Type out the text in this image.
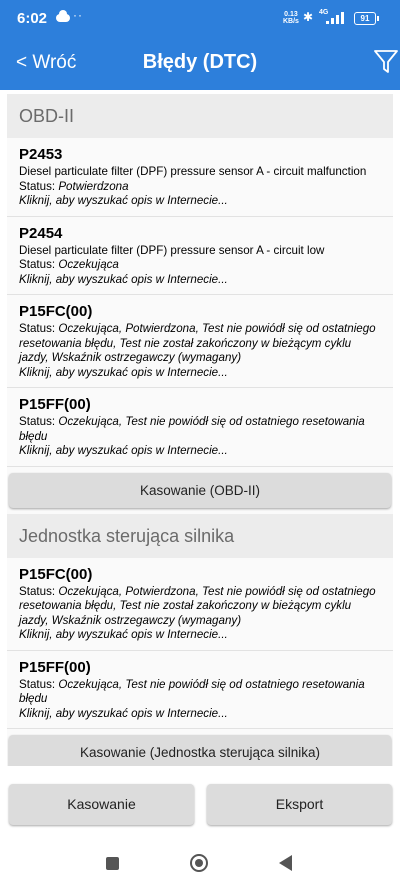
6:02 ··	0.13
KB/s ✱ 4G
91
< Wróć	Błędy (DTC)
OBD-II
P2453
Diesel particulate filter (DPF) pressure sensor A - circuit malfunction
Status: Potwierdzona
Kliknij, aby wyszukać opis w Internecie...
P2454
Diesel particulate filter (DPF) pressure sensor A - circuit low
Status: Oczekująca
Kliknij, aby wyszukać opis w Internecie...
P15FC(00)
Status: Oczekująca, Potwierdzona, Test nie powiódł się od ostatniego resetowania błędu, Test nie został zakończony w bieżącym cyklu jazdy, Wskaźnik ostrzegawczy (wymagany)
Kliknij, aby wyszukać opis w Internecie...
P15FF(00)
Status: Oczekująca, Test nie powiódł się od ostatniego resetowania błędu
Kliknij, aby wyszukać opis w Internecie...
Kasowanie (OBD-II)
Jednostka sterująca silnika
P15FC(00)
Status: Oczekująca, Potwierdzona, Test nie powiódł się od ostatniego resetowania błędu, Test nie został zakończony w bieżącym cyklu jazdy, Wskaźnik ostrzegawczy (wymagany)
Kliknij, aby wyszukać opis w Internecie...
P15FF(00)
Status: Oczekująca, Test nie powiódł się od ostatniego resetowania błędu
Kliknij, aby wyszukać opis w Internecie...
Kasowanie (Jednostka sterująca silnika)
Kasowanie	Eksport
